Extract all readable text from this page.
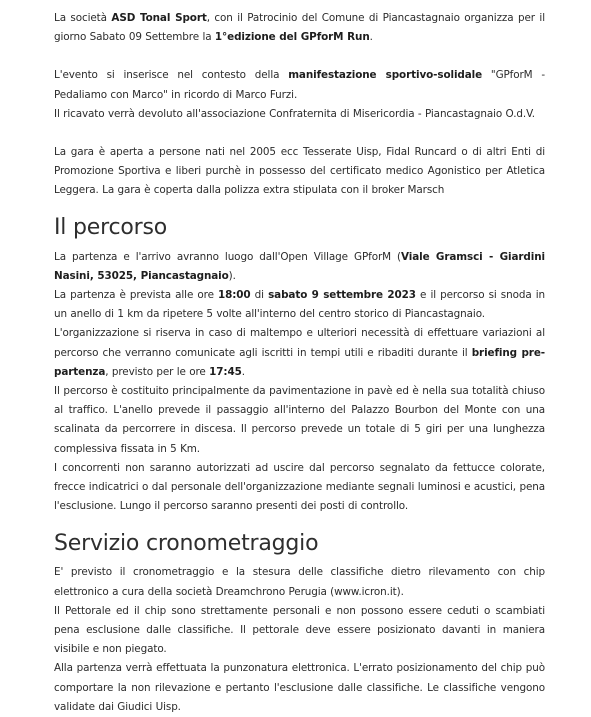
La società ASD Tonal Sport, con il Patrocinio del Comune di Piancastagnaio organizza per il giorno Sabato 09 Settembre la 1°edizione del GPforM Run.

L'evento si inserisce nel contesto della manifestazione sportivo-solidale "GPforM - Pedaliamo con Marco" in ricordo di Marco Furzi.

Il ricavato verrà devoluto all'associazione Confraternita di Misericordia - Piancastagnaio O.d.V.

La gara è aperta a persone nati nel 2005 ecc Tesserate Uisp, Fidal Runcard o di altri Enti di Promozione Sportiva e liberi purchè in possesso del certificato medico Agonistico per Atletica Leggera. La gara è coperta dalla polizza extra stipulata con il broker Marsch

Il percorso

La partenza e l'arrivo avranno luogo dall'Open Village GPforM (Viale Gramsci - Giardini Nasini, 53025, Piancastagnaio).

La partenza è prevista alle ore 18:00 di sabato 9 settembre 2023 e il percorso si snoda in un anello di 1 km da ripetere 5 volte all'interno del centro storico di Piancastagnaio.

L'organizzazione si riserva in caso di maltempo e ulteriori necessità di effettuare variazioni al percorso che verranno comunicate agli iscritti in tempi utili e ribaditi durante il briefing pre-partenza, previsto per le ore 17:45.

Il percorso è costituito principalmente da pavimentazione in pavè ed è nella sua totalità chiuso al traffico. L'anello prevede il passaggio all'interno del Palazzo Bourbon del Monte con una scalinata da percorrere in discesa. Il percorso prevede un totale di 5 giri per una lunghezza complessiva fissata in 5 Km.

I concorrenti non saranno autorizzati ad uscire dal percorso segnalato da fettucce colorate, frecce indicatrici o dal personale dell'organizzazione mediante segnali luminosi e acustici, pena l'esclusione. Lungo il percorso saranno presenti dei posti di controllo.

Servizio cronometraggio

E' previsto il cronometraggio e la stesura delle classifiche dietro rilevamento con chip elettronico a cura della società Dreamchrono Perugia (www.icron.it).

Il Pettorale ed il chip sono strettamente personali e non possono essere ceduti o scambiati pena esclusione dalle classifiche. Il pettorale deve essere posizionato davanti in maniera visibile e non piegato.

Alla partenza verrà effettuata la punzonatura elettronica. L'errato posizionamento del chip può comportare la non rilevazione e pertanto l'esclusione dalle classifiche. Le classifiche vengono validate dai Giudici Uisp.
